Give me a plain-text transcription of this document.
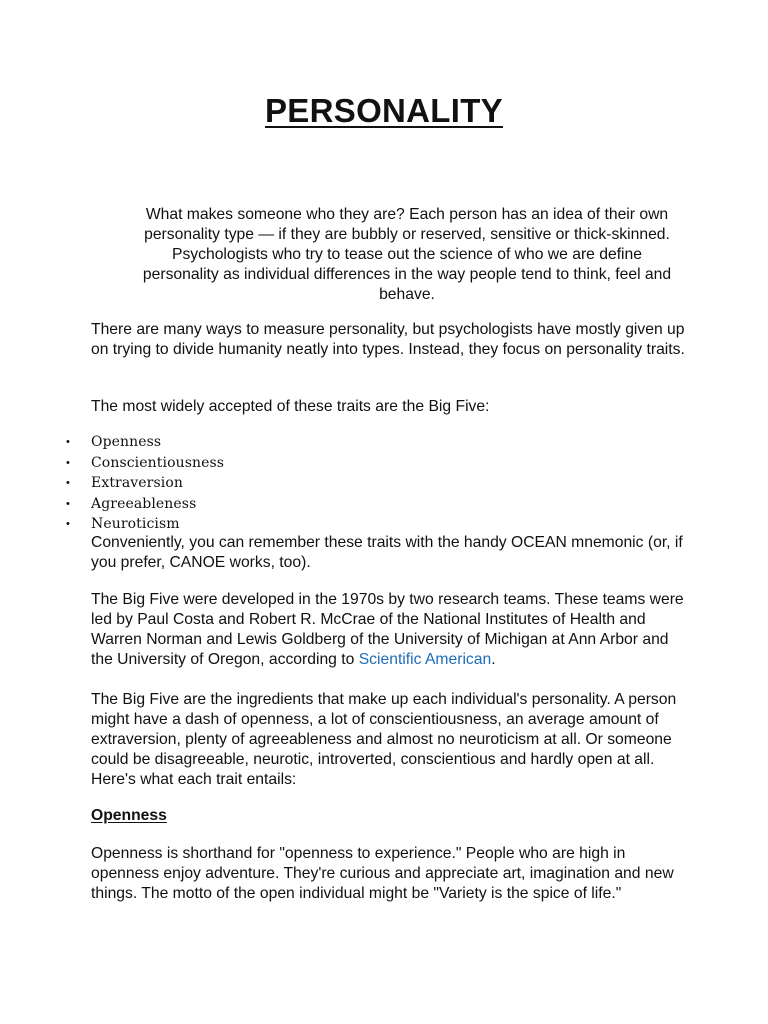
PERSONALITY

What makes someone who they are? Each person has an idea of their own personality type — if they are bubbly or reserved, sensitive or thick-skinned. Psychologists who try to tease out the science of who we are define personality as individual differences in the way people tend to think, feel and behave.

There are many ways to measure personality, but psychologists have mostly given up on trying to divide humanity neatly into types. Instead, they focus on personality traits.

The most widely accepted of these traits are the Big Five:

• Openness
• Conscientiousness
• Extraversion
• Agreeableness
• Neuroticism

Conveniently, you can remember these traits with the handy OCEAN mnemonic (or, if you prefer, CANOE works, too).

The Big Five were developed in the 1970s by two research teams. These teams were led by Paul Costa and Robert R. McCrae of the National Institutes of Health and Warren Norman and Lewis Goldberg of the University of Michigan at Ann Arbor and the University of Oregon, according to Scientific American.

The Big Five are the ingredients that make up each individual's personality. A person might have a dash of openness, a lot of conscientiousness, an average amount of extraversion, plenty of agreeableness and almost no neuroticism at all. Or someone could be disagreeable, neurotic, introverted, conscientious and hardly open at all. Here's what each trait entails:

Openness

Openness is shorthand for "openness to experience." People who are high in openness enjoy adventure. They're curious and appreciate art, imagination and new things. The motto of the open individual might be "Variety is the spice of life."
